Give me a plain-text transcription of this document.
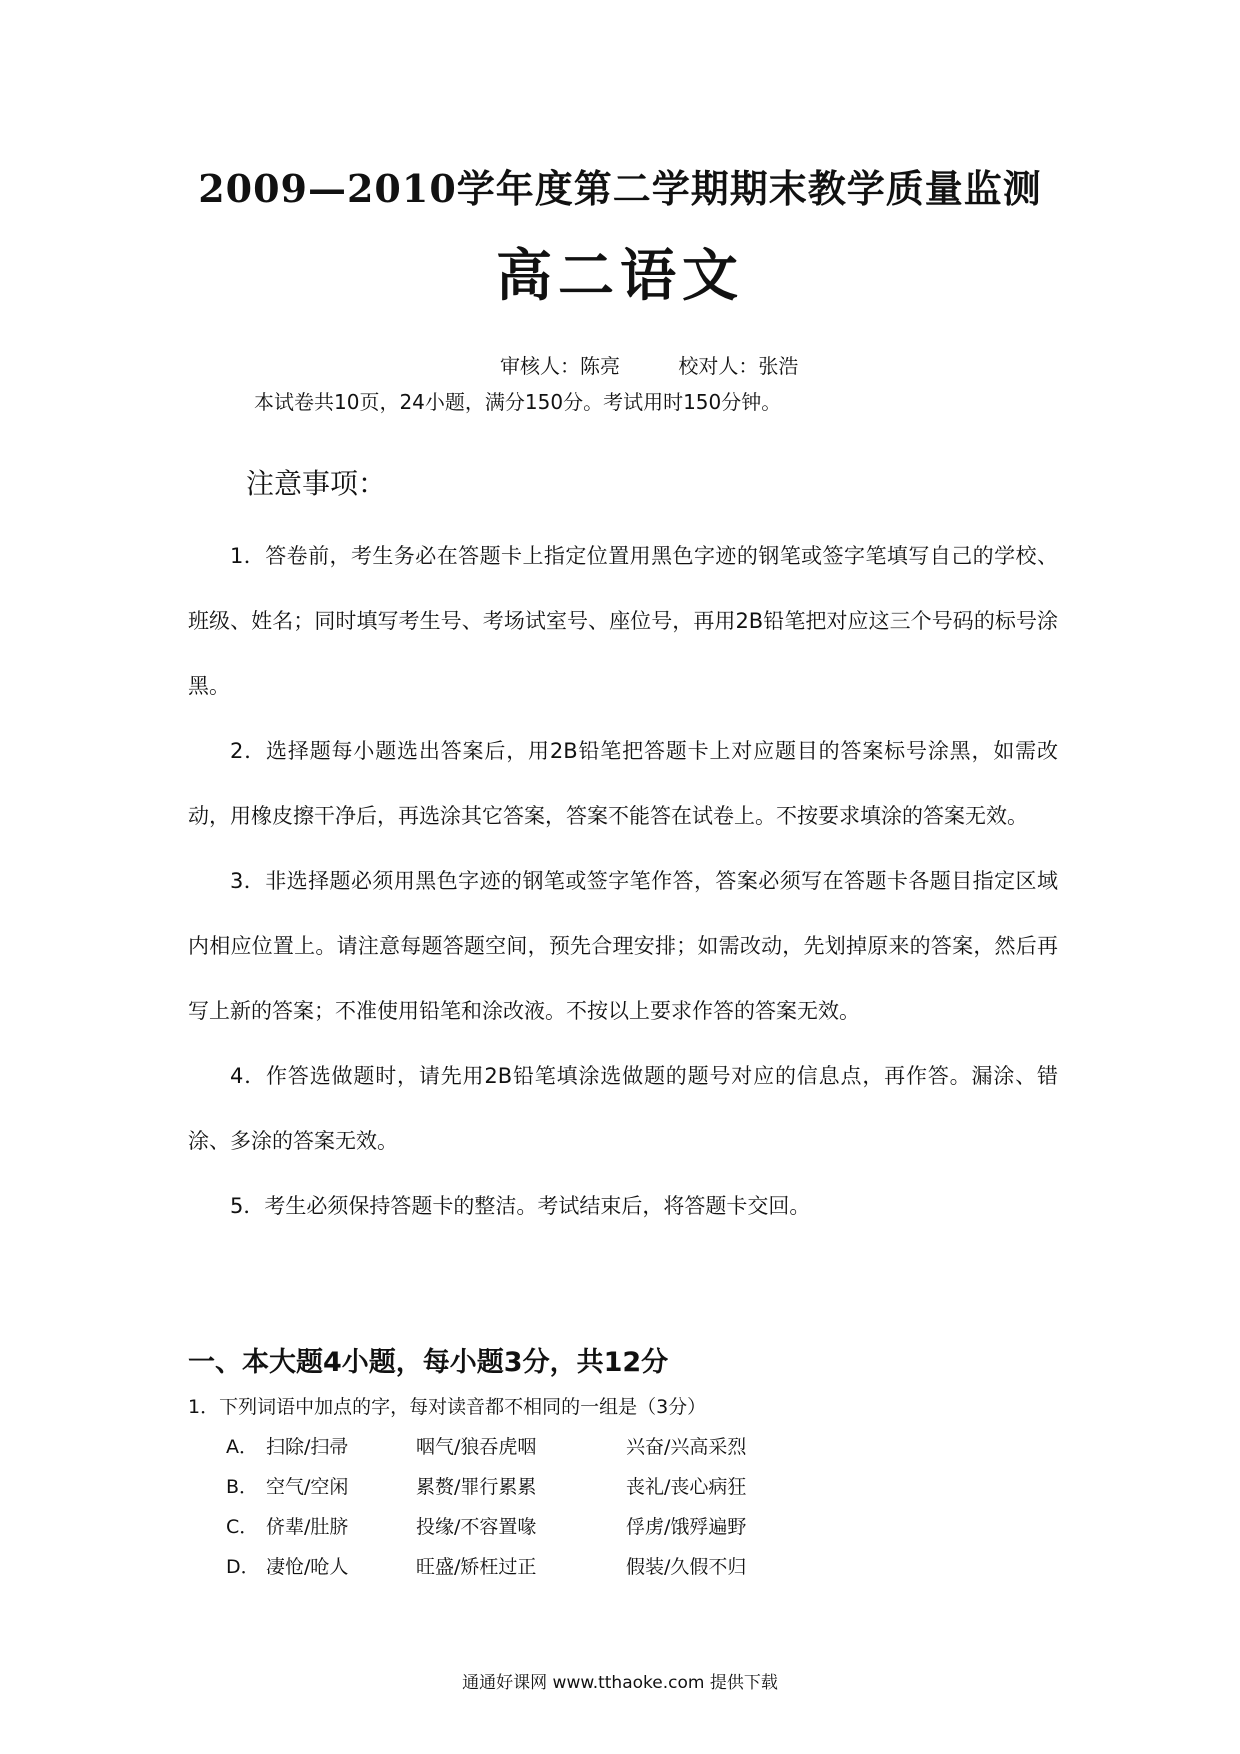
2009—2010学年度第二学期期末教学质量监测
高二语文
审核人：陈亮	校对人：张浩
本试卷共10页，24小题，满分150分。考试用时150分钟。
注意事项：

1．答卷前，考生务必在答题卡上指定位置用黑色字迹的钢笔或签字笔填写自己的学校、班级、姓名；同时填写考生号、考场试室号、座位号，再用2B铅笔把对应这三个号码的标号涂黑。

2．选择题每小题选出答案后，用2B铅笔把答题卡上对应题目的答案标号涂黑，如需改动，用橡皮擦干净后，再选涂其它答案，答案不能答在试卷上。不按要求填涂的答案无效。

3．非选择题必须用黑色字迹的钢笔或签字笔作答，答案必须写在答题卡各题目指定区域内相应位置上。请注意每题答题空间，预先合理安排；如需改动，先划掉原来的答案，然后再写上新的答案；不准使用铅笔和涂改液。不按以上要求作答的答案无效。

4．作答选做题时，请先用2B铅笔填涂选做题的题号对应的信息点，再作答。漏涂、错涂、多涂的答案无效。

5．考生必须保持答题卡的整洁。考试结束后，将答题卡交回。

一、本大题4小题，每小题3分，共12分
1．下列词语中加点的字，每对读音都不相同的一组是（3分）
A． 扫除/扫帚	咽气/狼吞虎咽	兴奋/兴高采烈
B． 空气/空闲	累赘/罪行累累	丧礼/丧心病狂
C． 侪辈/肚脐	投缘/不容置喙	俘虏/饿殍遍野
D． 凄怆/呛人	旺盛/矫枉过正	假装/久假不归
通通好课网 www.tthaoke.com 提供下载
